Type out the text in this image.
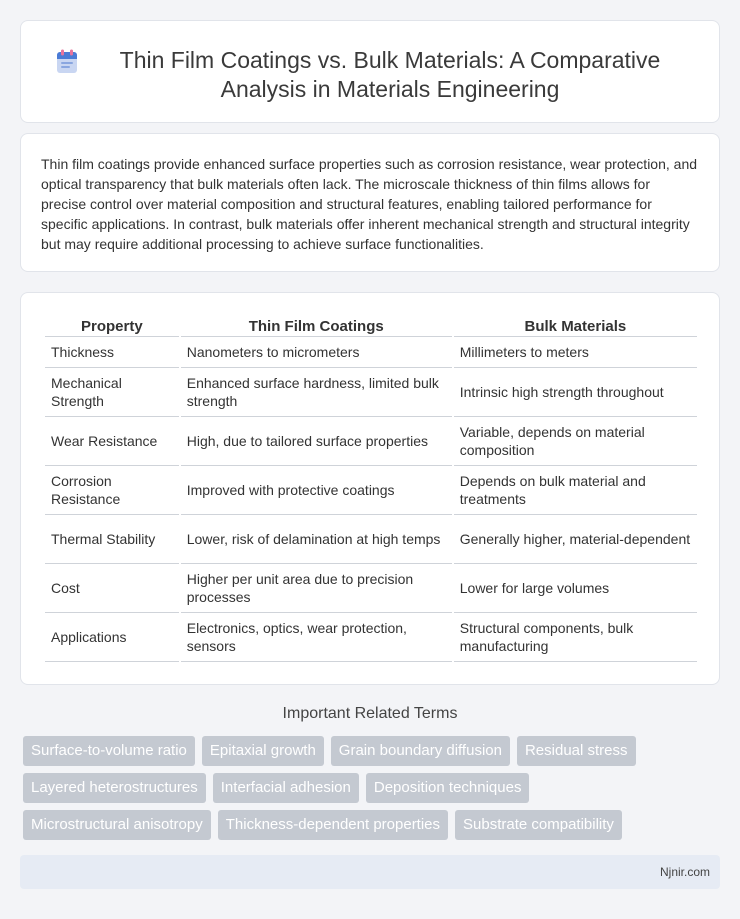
Thin Film Coatings vs. Bulk Materials: A Comparative Analysis in Materials Engineering

Thin film coatings provide enhanced surface properties such as corrosion resistance, wear protection, and optical transparency that bulk materials often lack. The microscale thickness of thin films allows for precise control over material composition and structural features, enabling tailored performance for specific applications. In contrast, bulk materials offer inherent mechanical strength and structural integrity but may require additional processing to achieve surface functionalities.

Property	Thin Film Coatings	Bulk Materials
Thickness	Nanometers to micrometers	Millimeters to meters
Mechanical Strength	Enhanced surface hardness, limited bulk strength	Intrinsic high strength throughout
Wear Resistance	High, due to tailored surface properties	Variable, depends on material composition
Corrosion Resistance	Improved with protective coatings	Depends on bulk material and treatments
Thermal Stability	Lower, risk of delamination at high temps	Generally higher, material-dependent
Cost	Higher per unit area due to precision processes	Lower for large volumes
Applications	Electronics, optics, wear protection, sensors	Structural components, bulk manufacturing
Important Related Terms
Surface-to-volume ratio	Epitaxial growth	Grain boundary diffusion	Residual stress
Layered heterostructures	Interfacial adhesion	Deposition techniques
Microstructural anisotropy	Thickness-dependent properties	Substrate compatibility
Njnir.com
